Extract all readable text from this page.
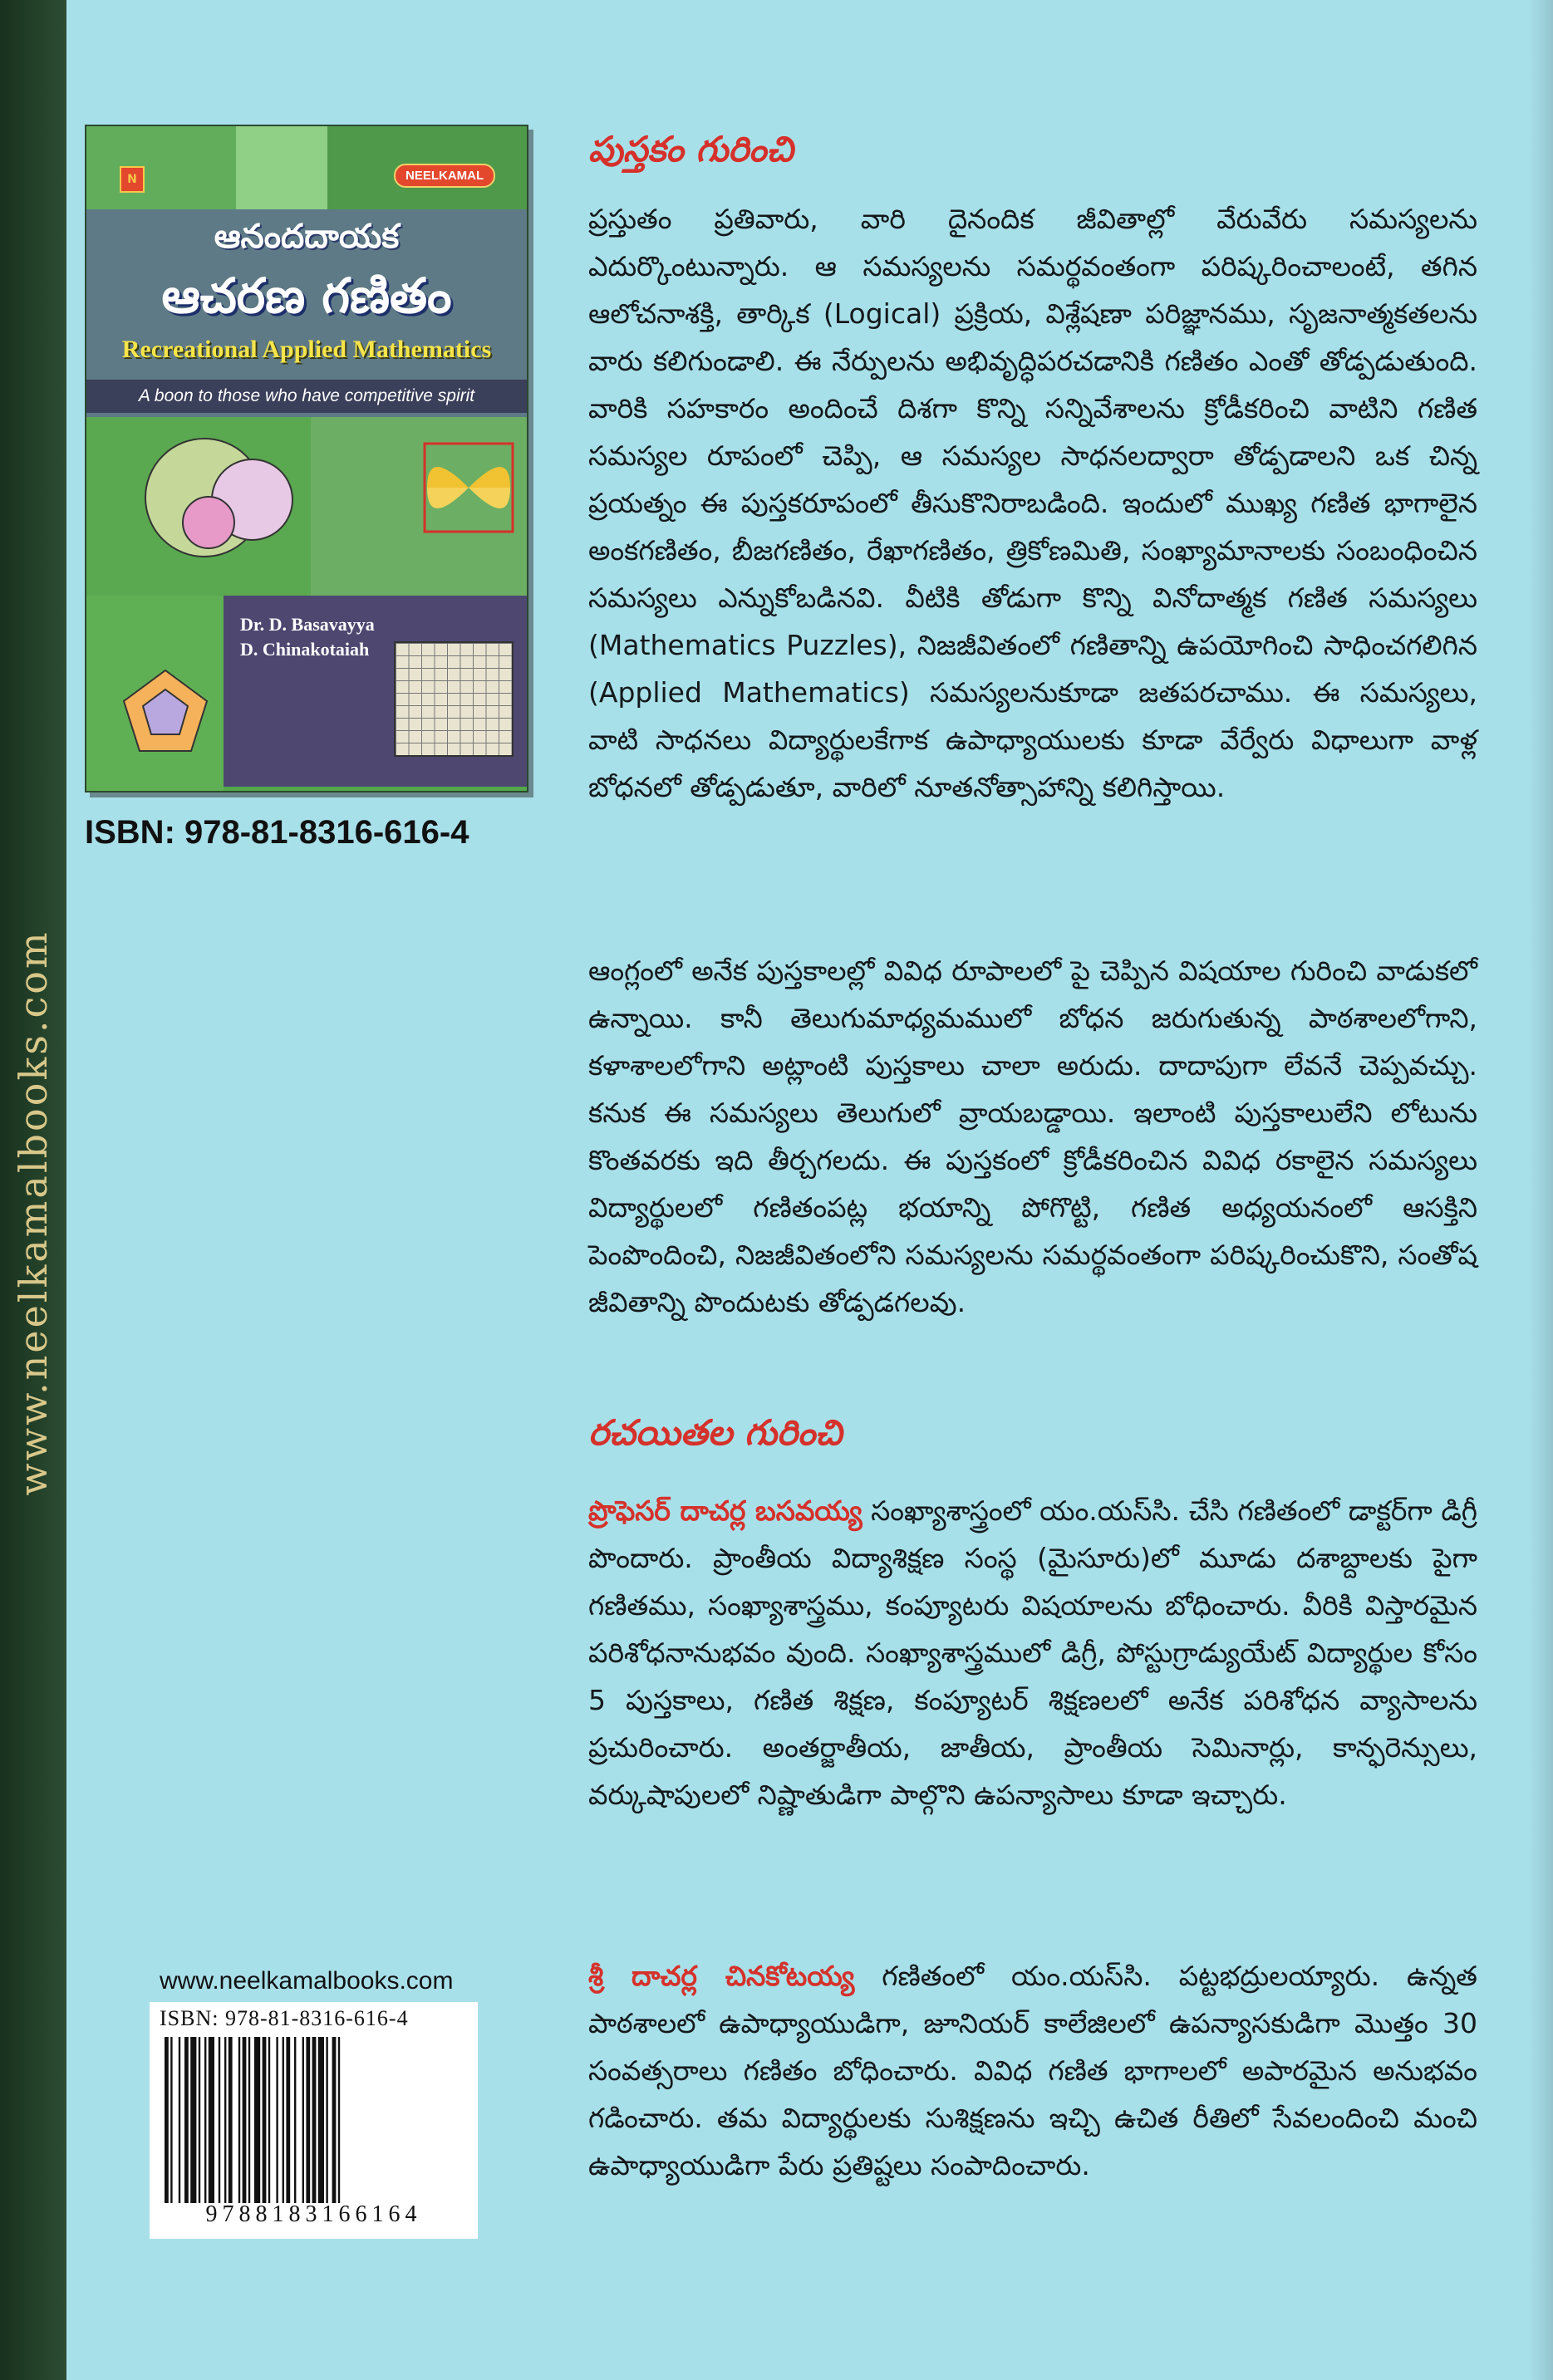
www.neelkamalbooks.com
N	NEELKAMAL
ఆనందదాయక
ఆచరణ గణితం
Recreational Applied Mathematics
A boon to those who have competitive spirit
Dr. D. Basavayya
D. Chinakotaiah
ISBN: 978-81-8316-616-4
పుస్తకం గురించి
ప్రస్తుతం ప్రతివారు, వారి దైనందిక జీవితాల్లో వేరువేరు సమస్యలను ఎదుర్కొంటున్నారు. ఆ సమస్యలను సమర్థవంతంగా పరిష్కరించాలంటే, తగిన ఆలోచనాశక్తి, తార్కిక (Logical) ప్రక్రియ, విశ్లేషణా పరిజ్ఞానము, సృజనాత్మకతలను వారు కలిగుండాలి. ఈ నేర్పులను అభివృద్ధిపరచడానికి గణితం ఎంతో తోడ్పడుతుంది. వారికి సహకారం అందించే దిశగా కొన్ని సన్నివేశాలను క్రోడీకరించి వాటిని గణిత సమస్యల రూపంలో చెప్పి, ఆ సమస్యల సాధనలద్వారా తోడ్పడాలని ఒక చిన్న ప్రయత్నం ఈ పుస్తకరూపంలో తీసుకొనిరాబడింది. ఇందులో ముఖ్య గణిత భాగాలైన అంకగణితం, బీజగణితం, రేఖాగణితం, త్రికోణమితి, సంఖ్యామానాలకు సంబంధించిన సమస్యలు ఎన్నుకోబడినవి. వీటికి తోడుగా కొన్ని వినోదాత్మక గణిత సమస్యలు (Mathematics Puzzles), నిజజీవితంలో గణితాన్ని ఉపయోగించి సాధించగలిగిన (Applied Mathematics) సమస్యలనుకూడా జతపరచాము. ఈ సమస్యలు, వాటి సాధనలు విద్యార్థులకేగాక ఉపాధ్యాయులకు కూడా వేర్వేరు విధాలుగా వాళ్ల బోధనలో తోడ్పడుతూ, వారిలో నూతనోత్సాహాన్ని కలిగిస్తాయి.
ఆంగ్లంలో అనేక పుస్తకాలల్లో వివిధ రూపాలలో పై చెప్పిన విషయాల గురించి వాడుకలో ఉన్నాయి. కానీ తెలుగుమాధ్యమములో బోధన జరుగుతున్న పాఠశాలలోగాని, కళాశాలలోగాని అట్లాంటి పుస్తకాలు చాలా అరుదు. దాదాపుగా లేవనే చెప్పవచ్చు. కనుక ఈ సమస్యలు తెలుగులో వ్రాయబడ్డాయి. ఇలాంటి పుస్తకాలులేని లోటును కొంతవరకు ఇది తీర్చగలదు. ఈ పుస్తకంలో క్రోడీకరించిన వివిధ రకాలైన సమస్యలు విద్యార్థులలో గణితంపట్ల భయాన్ని పోగొట్టి, గణిత అధ్యయనంలో ఆసక్తిని పెంపొందించి, నిజజీవితంలోని సమస్యలను సమర్థవంతంగా పరిష్కరించుకొని, సంతోష జీవితాన్ని పొందుటకు తోడ్పడగలవు.
రచయితల గురించి
ప్రొఫెసర్ దాచర్ల బసవయ్య సంఖ్యాశాస్త్రంలో యం.యస్‌సి. చేసి గణితంలో డాక్టర్‌గా డిగ్రీ పొందారు. ప్రాంతీయ విద్యాశిక్షణ సంస్థ (మైసూరు)లో మూడు దశాబ్దాలకు పైగా గణితము, సంఖ్యాశాస్త్రము, కంప్యూటరు విషయాలను బోధించారు. వీరికి విస్తారమైన పరిశోధనానుభవం వుంది. సంఖ్యాశాస్త్రములో డిగ్రీ, పోస్టుగ్రాడ్యుయేట్ విద్యార్థుల కోసం 5 పుస్తకాలు, గణిత శిక్షణ, కంప్యూటర్ శిక్షణలలో అనేక పరిశోధన వ్యాసాలను ప్రచురించారు. అంతర్జాతీయ, జాతీయ, ప్రాంతీయ సెమినార్లు, కాన్ఫరెన్సులు, వర్కుషాపులలో నిష్ణాతుడిగా పాల్గొని ఉపన్యాసాలు కూడా ఇచ్చారు.
శ్రీ దాచర్ల చినకోటయ్య గణితంలో యం.యస్‌సి. పట్టభద్రులయ్యారు. ఉన్నత పాఠశాలలో ఉపాధ్యాయుడిగా, జూనియర్ కాలేజిలలో ఉపన్యాసకుడిగా మొత్తం 30 సంవత్సరాలు గణితం బోధించారు. వివిధ గణిత భాగాలలో అపారమైన అనుభవం గడించారు. తమ విద్యార్థులకు సుశిక్షణను ఇచ్చి ఉచిత రీతిలో సేవలందించి మంచి ఉపాధ్యాయుడిగా పేరు ప్రతిష్టలు సంపాదించారు.
www.neelkamalbooks.com
ISBN: 978-81-8316-616-4
9788183166164
